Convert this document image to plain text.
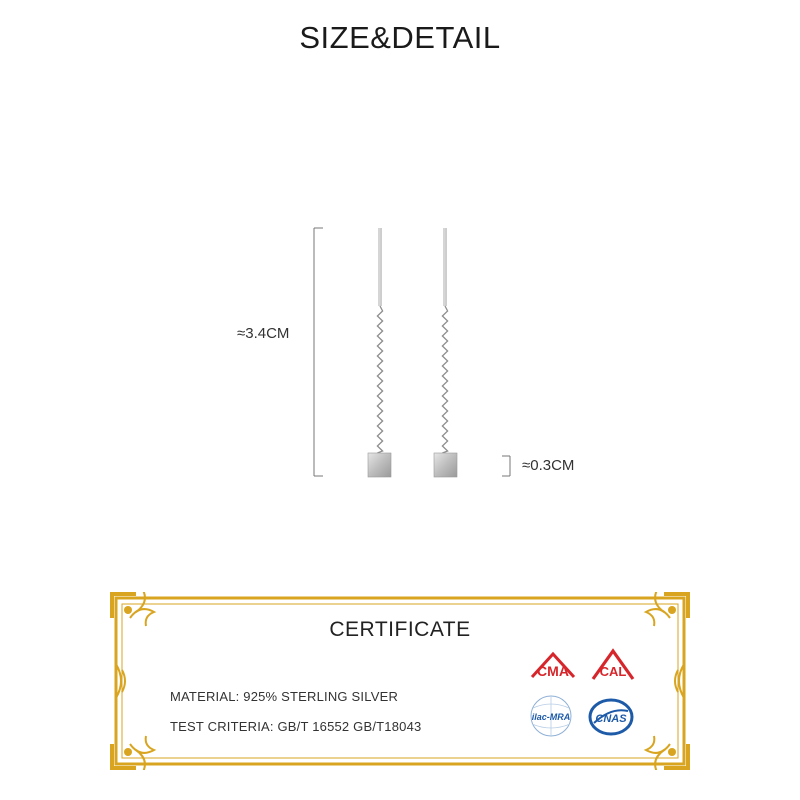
SIZE&DETAIL
≈3.4CM
≈0.3CM
CERTIFICATE
MATERIAL: 925% STERLING SILVER
TEST CRITERIA: GB/T 16552 GB/T18043
CMA CAL
ilac-MRA CNAS
